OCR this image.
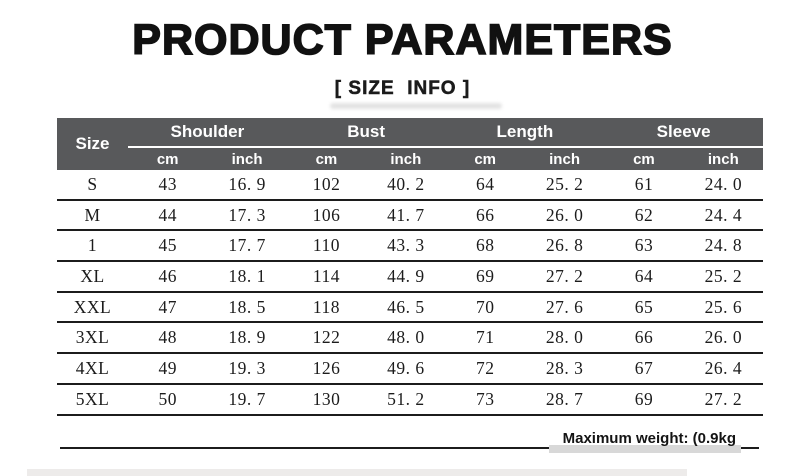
PRODUCT PARAMETERS
[ SIZE  INFO ]
Size	Shoulder		Bust		Length		Sleeve	
	cm	inch	cm	inch	cm	inch	cm	inch
S	43	16. 9	102	40. 2	64	25. 2	61	24. 0
M	44	17. 3	106	41. 7	66	26. 0	62	24. 4
1	45	17. 7	110	43. 3	68	26. 8	63	24. 8
XL	46	18. 1	114	44. 9	69	27. 2	64	25. 2
XXL	47	18. 5	118	46. 5	70	27. 6	65	25. 6
3XL	48	18. 9	122	48. 0	71	28. 0	66	26. 0
4XL	49	19. 3	126	49. 6	72	28. 3	67	26. 4
5XL	50	19. 7	130	51. 2	73	28. 7	69	27. 2
Maximum weight: (0.9kg
